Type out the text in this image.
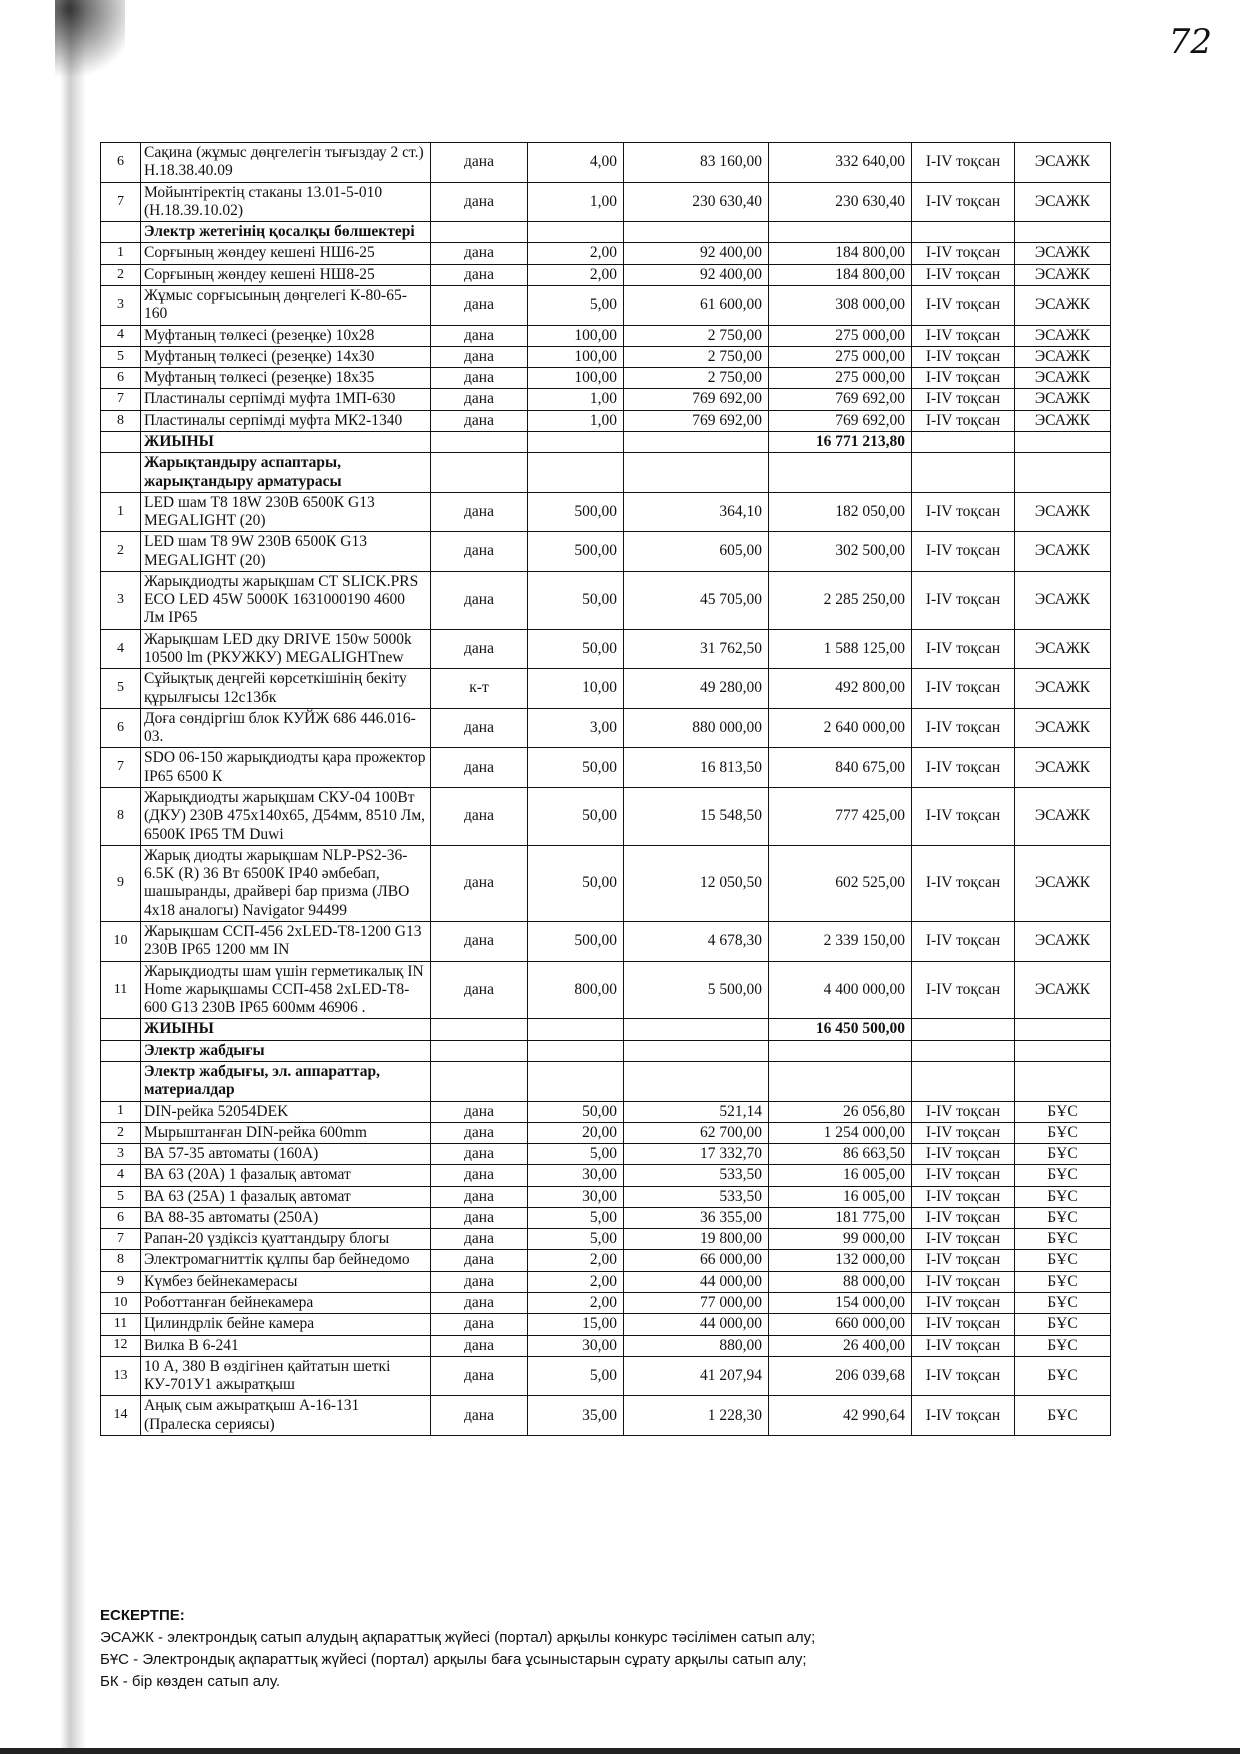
72
6	Сақина (жұмыс дөңгелегін тығыздау 2 ст.) Н.18.38.40.09	дана	4,00	83 160,00	332 640,00	І-IV тоқсан	ЭСАЖК
7	Мойынтіректің стаканы 13.01-5-010 (Н.18.39.10.02)	дана	1,00	230 630,40	230 630,40	І-IV тоқсан	ЭСАЖК
	Электр жетегінің қосалқы бөлшектері						
1	Сорғының жөндеу кешені НШ6-25	дана	2,00	92 400,00	184 800,00	І-IV тоқсан	ЭСАЖК
2	Сорғының жөндеу кешені НШ8-25	дана	2,00	92 400,00	184 800,00	І-IV тоқсан	ЭСАЖК
3	Жұмыс сорғысының дөңгелегі К-80-65-160	дана	5,00	61 600,00	308 000,00	І-IV тоқсан	ЭСАЖК
4	Муфтаның төлкесі (резеңке) 10х28	дана	100,00	2 750,00	275 000,00	І-IV тоқсан	ЭСАЖК
5	Муфтаның төлкесі (резеңке) 14х30	дана	100,00	2 750,00	275 000,00	І-IV тоқсан	ЭСАЖК
6	Муфтаның төлкесі (резеңке) 18х35	дана	100,00	2 750,00	275 000,00	І-IV тоқсан	ЭСАЖК
7	Пластиналы серпімді муфта 1МП-630	дана	1,00	769 692,00	769 692,00	І-IV тоқсан	ЭСАЖК
8	Пластиналы серпімді муфта МК2-1340	дана	1,00	769 692,00	769 692,00	І-IV тоқсан	ЭСАЖК
	ЖИЫНЫ				16 771 213,80		
	Жарықтандыру аспаптары, жарықтандыру арматурасы						
1	LED шам Т8 18W 230В 6500К G13 MEGALIGHT (20)	дана	500,00	364,10	182 050,00	І-IV тоқсан	ЭСАЖК
2	LED шам Т8 9W 230В 6500К G13 MEGALIGHT (20)	дана	500,00	605,00	302 500,00	І-IV тоқсан	ЭСАЖК
3	Жарықдиодты жарықшам СТ SLICK.PRS ECO LED 45W 5000K 1631000190 4600 Лм IP65	дана	50,00	45 705,00	2 285 250,00	І-IV тоқсан	ЭСАЖК
4	Жарықшам LED дку DRIVE 150w 5000k 10500 lm (РКУЖКУ) MEGALIGHTnew	дана	50,00	31 762,50	1 588 125,00	І-IV тоқсан	ЭСАЖК
5	Сұйықтық деңгейі көрсеткішінің бекіту құрылғысы 12с13бк	к-т	10,00	49 280,00	492 800,00	І-IV тоқсан	ЭСАЖК
6	Доға сөндіргіш блок КУЙЖ 686 446.016-03.	дана	3,00	880 000,00	2 640 000,00	І-IV тоқсан	ЭСАЖК
7	SDO 06-150 жарықдиодты қара прожектор IP65 6500 К	дана	50,00	16 813,50	840 675,00	І-IV тоқсан	ЭСАЖК
8	Жарықдиодты жарықшам СКУ-04 100Вт (ДКУ) 230В 475х140х65, Д54мм, 8510 Лм, 6500К IP65 TM Duwi	дана	50,00	15 548,50	777 425,00	І-IV тоқсан	ЭСАЖК
9	Жарық диодты жарықшам NLP-PS2-36-6.5K (R) 36 Вт 6500К IP40 әмбебап, шашыранды, драйвері бар призма (ЛВО 4х18 аналогы) Navigator 94499	дана	50,00	12 050,50	602 525,00	І-IV тоқсан	ЭСАЖК
10	Жарықшам ССП-456 2xLED-T8-1200 G13 230В IP65 1200 мм IN	дана	500,00	4 678,30	2 339 150,00	І-IV тоқсан	ЭСАЖК
11	Жарықдиодты шам үшін герметикалық IN Home жарықшамы ССП-458 2xLED-T8-600 G13 230В IP65 600мм 46906 .	дана	800,00	5 500,00	4 400 000,00	І-IV тоқсан	ЭСАЖК
	ЖИЫНЫ				16 450 500,00		
	Электр жабдығы						
	Электр жабдығы, эл. аппараттар, материалдар						
1	DIN-рейка 52054DEK	дана	50,00	521,14	26 056,80	І-IV тоқсан	БҰС
2	Мырыштанған DIN-рейка 600mm	дана	20,00	62 700,00	1 254 000,00	І-IV тоқсан	БҰС
3	ВА 57-35 автоматы (160А)	дана	5,00	17 332,70	86 663,50	І-IV тоқсан	БҰС
4	ВА 63 (20А) 1 фазалық автомат	дана	30,00	533,50	16 005,00	І-IV тоқсан	БҰС
5	ВА 63 (25А) 1 фазалық автомат	дана	30,00	533,50	16 005,00	І-IV тоқсан	БҰС
6	ВА 88-35 автоматы (250А)	дана	5,00	36 355,00	181 775,00	І-IV тоқсан	БҰС
7	Рапан-20 үздіксіз қуаттандыру блогы	дана	5,00	19 800,00	99 000,00	І-IV тоқсан	БҰС
8	Электромагниттік құлпы бар бейнедомо	дана	2,00	66 000,00	132 000,00	І-IV тоқсан	БҰС
9	Күмбез бейнекамерасы	дана	2,00	44 000,00	88 000,00	І-IV тоқсан	БҰС
10	Роботтанған бейнекамера	дана	2,00	77 000,00	154 000,00	І-IV тоқсан	БҰС
11	Цилиндрлік бейне камера	дана	15,00	44 000,00	660 000,00	І-IV тоқсан	БҰС
12	Вилка В 6-241	дана	30,00	880,00	26 400,00	І-IV тоқсан	БҰС
13	10 А, 380 В өздігінен қайтатын шеткі КУ-701У1 ажыратқыш	дана	5,00	41 207,94	206 039,68	І-IV тоқсан	БҰС
14	Аңық сым ажыратқыш А-16-131 (Пралеска сериясы)	дана	35,00	1 228,30	42 990,64	І-IV тоқсан	БҰС
ЕСКЕРТПЕ:
ЭСАЖК - электрондық сатып алудың ақпараттық жүйесі (портал) арқылы конкурс тәсілімен сатып алу;
БҰС - Электрондық ақпараттық жүйесі (портал) арқылы баға ұсыныстарын сұрату арқылы сатып алу;
БК - бір көзден сатып алу.
